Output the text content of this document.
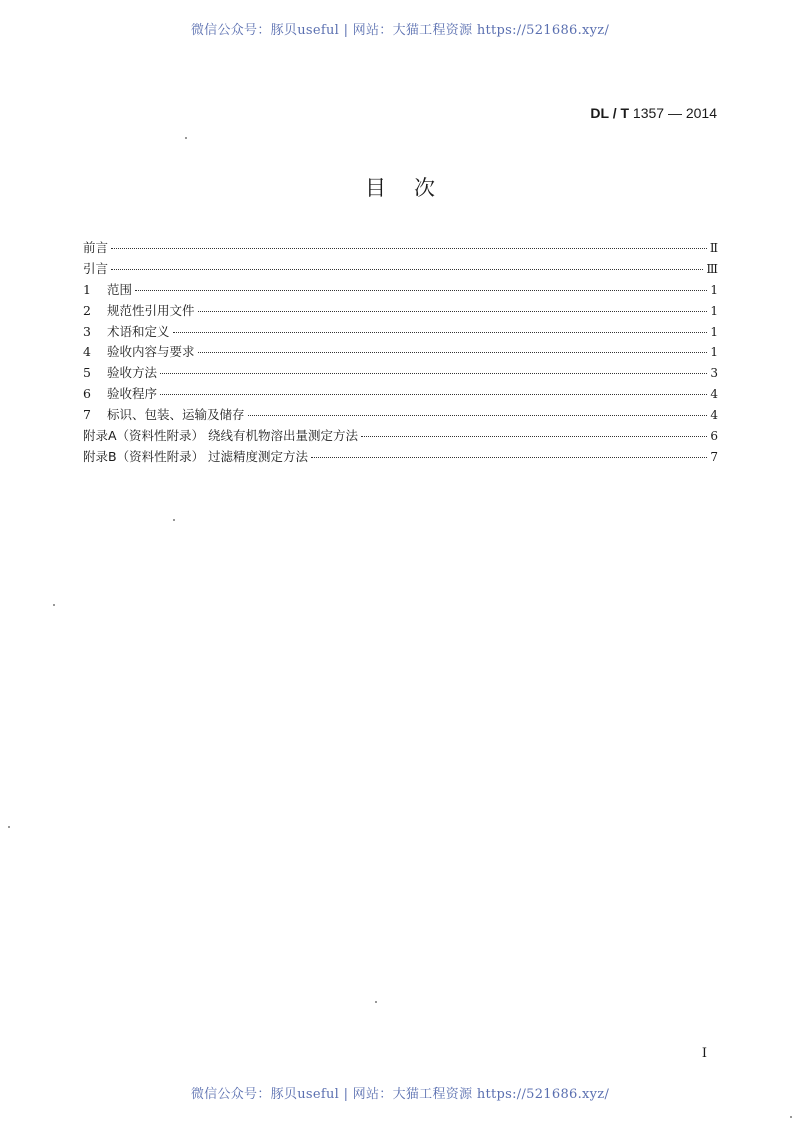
微信公众号：豚贝useful | 网站：大猫工程资源 https://521686.xyz/
DL / T 1357 — 2014
目次
前言	Ⅱ
引言	Ⅲ
1	范围	1
2	规范性引用文件	1
3	术语和定义	1
4	验收内容与要求	1
5	验收方法	3
6	验收程序	4
7	标识、包装、运输及储存	4
附录A（资料性附录） 绕线有机物溶出量测定方法	6
附录B（资料性附录） 过滤精度测定方法	7
I
微信公众号：豚贝useful | 网站：大猫工程资源 https://521686.xyz/
